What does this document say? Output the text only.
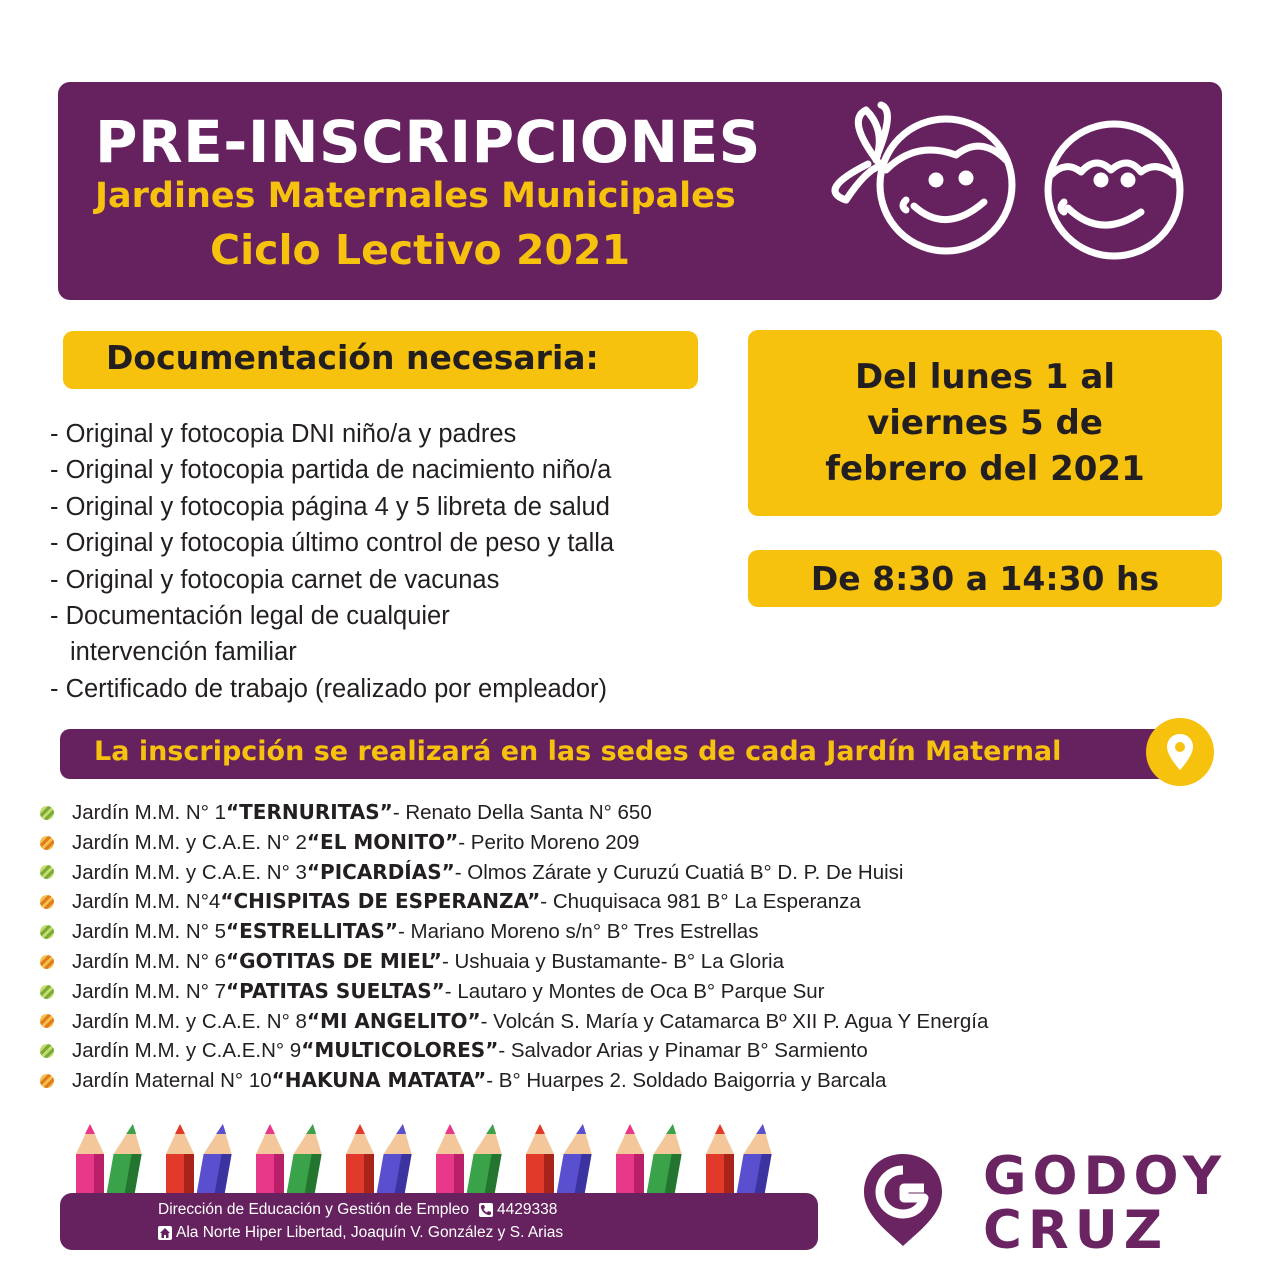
PRE-INSCRIPCIONES
Jardines Maternales Municipales
Ciclo Lectivo 2021
Documentación necesaria:
- Original y fotocopia DNI niño/a y padres
- Original y fotocopia partida de nacimiento niño/a
- Original y fotocopia página 4 y 5 libreta de salud
- Original y fotocopia último control de peso y talla
- Original y fotocopia carnet de vacunas
- Documentación legal de cualquier
intervención familiar
- Certificado de trabajo (realizado por empleador)
Del lunes 1 al
viernes 5 de
febrero del 2021
De 8:30 a 14:30 hs
La inscripción se realizará en las sedes de cada Jardín Maternal
Jardín M.M. N° 1 “TERNURITAS” - Renato Della Santa N° 650
Jardín M.M. y C.A.E. N° 2 “EL MONITO” - Perito Moreno 209
Jardín M.M. y C.A.E. N° 3 “PICARDÍAS” - Olmos Zárate y Curuzú Cuatiá B° D. P. De Huisi
Jardín M.M. N°4 “CHISPITAS DE ESPERANZA” - Chuquisaca 981 B° La Esperanza
Jardín M.M. N° 5 “ESTRELLITAS” - Mariano Moreno s/n° B° Tres Estrellas
Jardín M.M. N° 6 “GOTITAS DE MIEL” - Ushuaia y Bustamante- B° La Gloria
Jardín M.M. N° 7 “PATITAS SUELTAS” - Lautaro y Montes de Oca B° Parque Sur
Jardín M.M. y C.A.E. N° 8 “MI ANGELITO” - Volcán S. María y Catamarca Bº XII P. Agua Y Energía
Jardín M.M. y C.A.E.N° 9 “MULTICOLORES” - Salvador Arias y Pinamar B° Sarmiento
Jardín Maternal N° 10 “HAKUNA MATATA” - B° Huarpes 2. Soldado Baigorria y Barcala
Dirección de Educación y Gestión de Empleo 4429338
Ala Norte Hiper Libertad, Joaquín V. González y S. Arias
GODOY
CRUZ
